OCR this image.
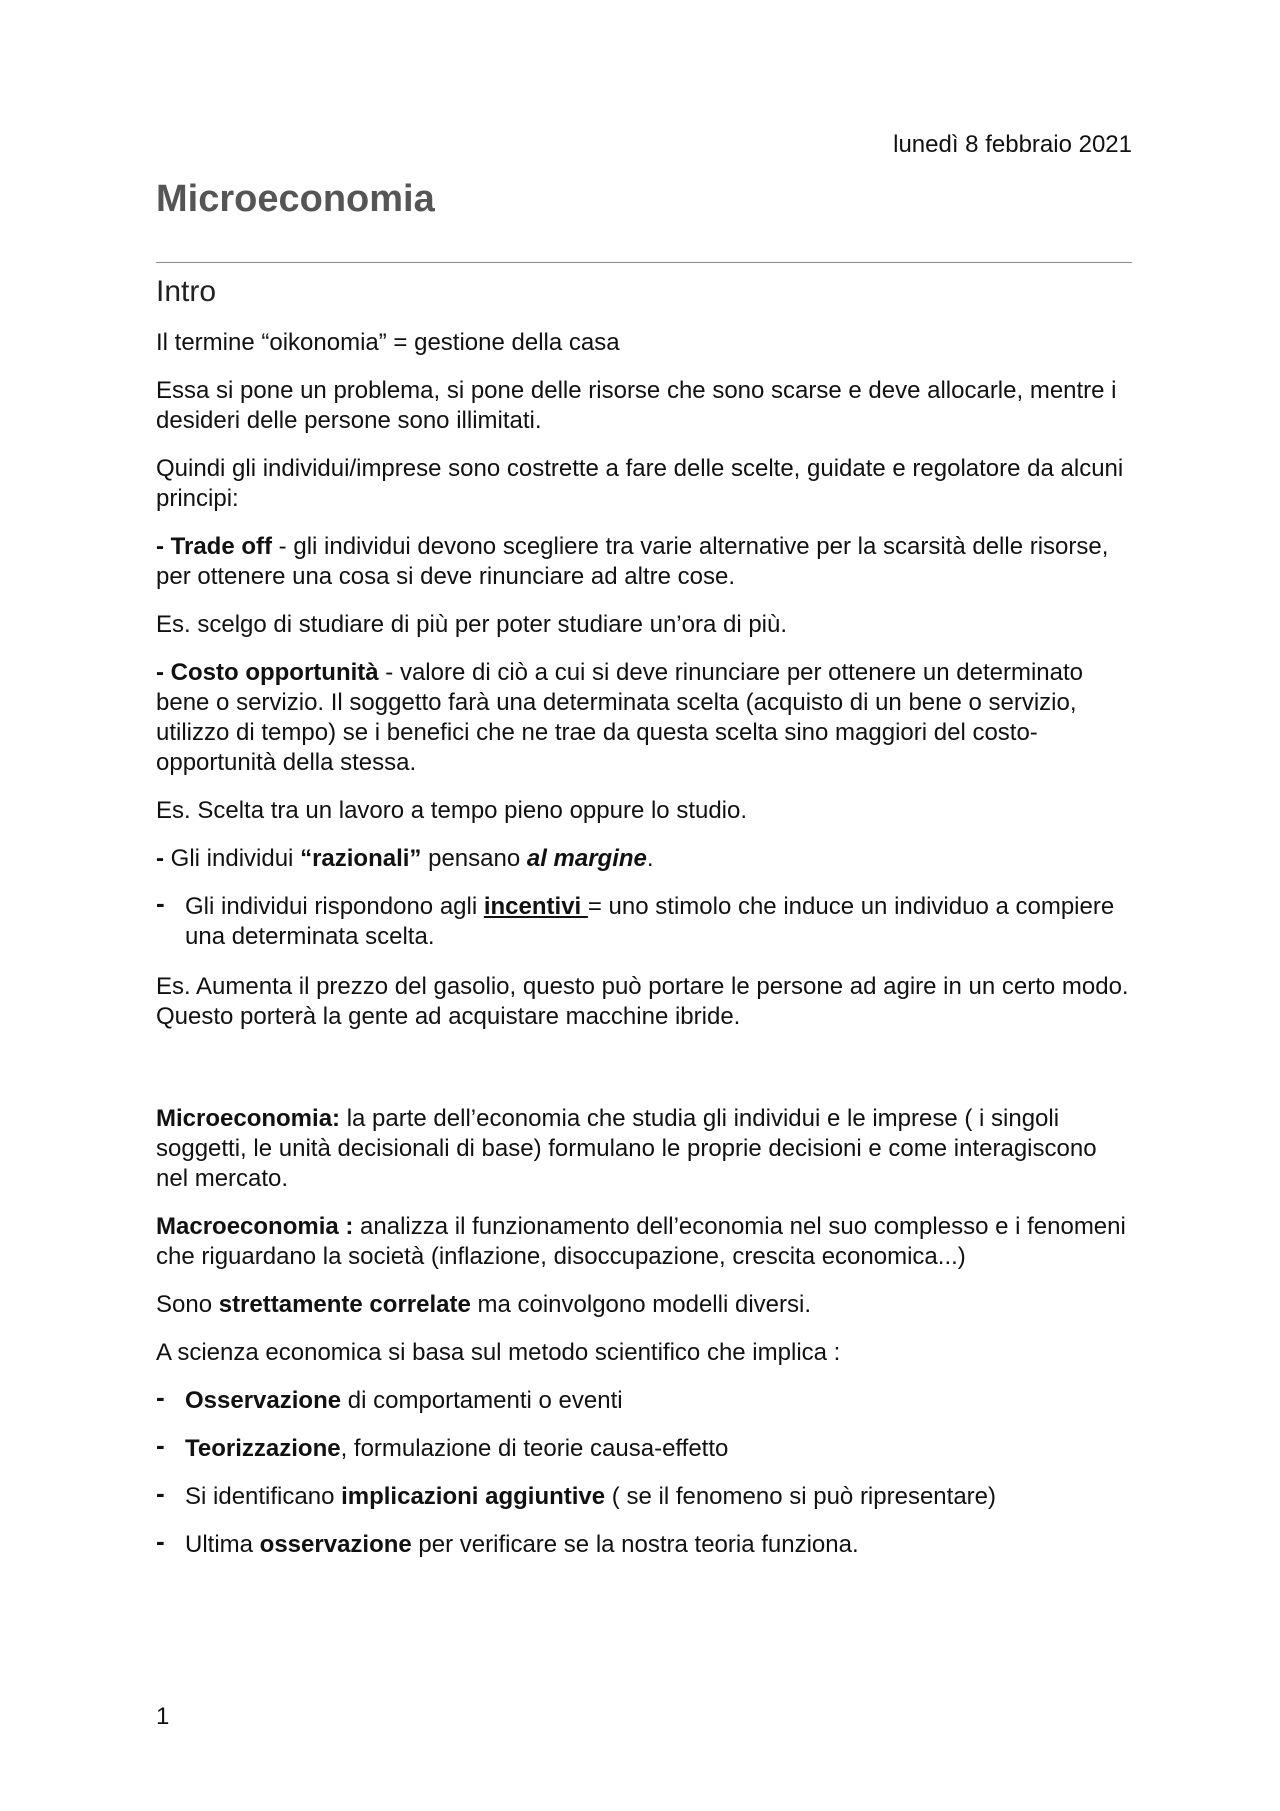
lunedì 8 febbraio 2021
Microeconomia
Intro

Il termine “oikonomia” = gestione della casa

Essa si pone un problema, si pone delle risorse che sono scarse e deve allocarle, mentre i desideri delle persone sono illimitati.

Quindi gli individui/imprese sono costrette a fare delle scelte, guidate e regolatore da alcuni principi:

- Trade off - gli individui devono scegliere tra varie alternative per la scarsità delle risorse, per ottenere una cosa si deve rinunciare ad altre cose.

Es. scelgo di studiare di più per poter studiare un’ora di più.

- Costo opportunità - valore di ciò a cui si deve rinunciare per ottenere un determinato bene o servizio. Il soggetto farà una determinata scelta (acquisto di un bene o servizio, utilizzo di tempo) se i benefici che ne trae da questa scelta sino maggiori del costo-opportunità della stessa.

Es. Scelta tra un lavoro a tempo pieno oppure lo studio.

- Gli individui “razionali” pensano al margine.

- Gli individui rispondono agli incentivi = uno stimolo che induce un individuo a compiere una determinata scelta.

Es. Aumenta il prezzo del gasolio, questo può portare le persone ad agire in un certo modo. Questo porterà la gente ad acquistare macchine ibride.

Microeconomia: la parte dell’economia che studia gli individui e le imprese ( i singoli soggetti, le unità decisionali di base) formulano le proprie decisioni e come interagiscono nel mercato.

Macroeconomia : analizza il funzionamento dell’economia nel suo complesso e i fenomeni che riguardano la società (inflazione, disoccupazione, crescita economica...)

Sono strettamente correlate ma coinvolgono modelli diversi.

A scienza economica si basa sul metodo scientifico che implica :

- Osservazione di comportamenti o eventi
- Teorizzazione, formulazione di teorie causa-effetto
- Si identificano implicazioni aggiuntive ( se il fenomeno si può ripresentare)
- Ultima osservazione per verificare se la nostra teoria funziona.
1
